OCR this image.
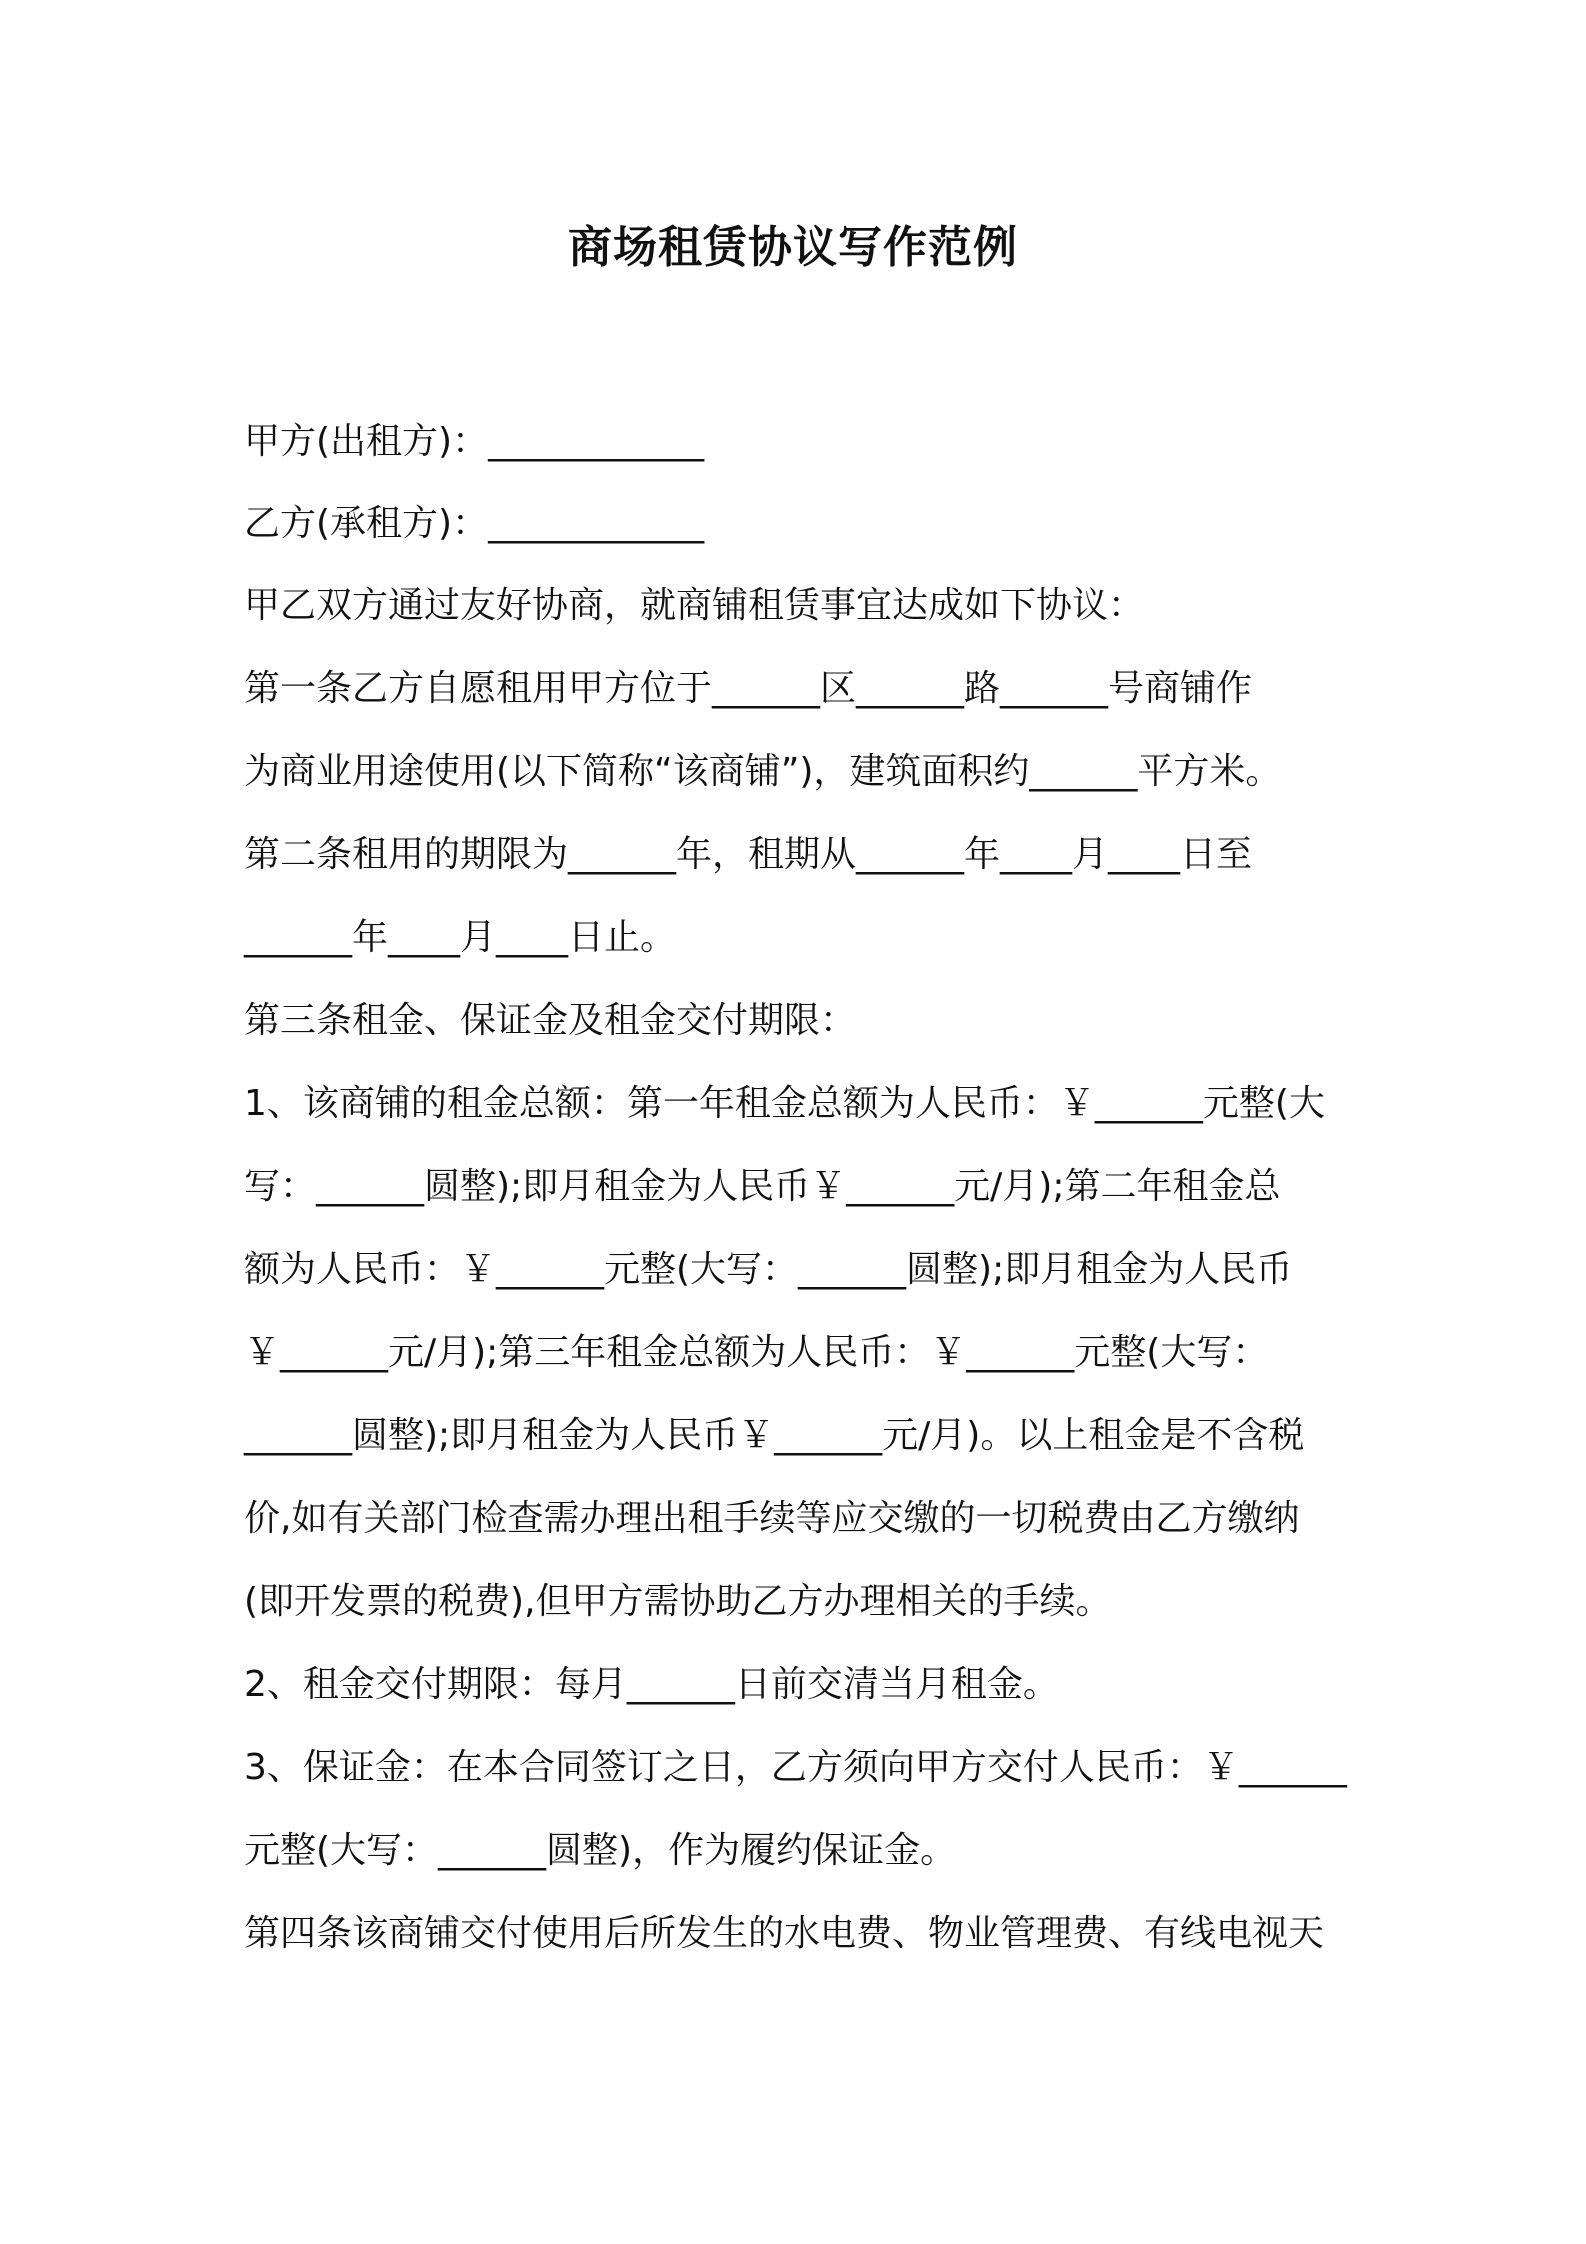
商场租赁协议写作范例

甲方(出租方)：____________

乙方(承租方)：____________

甲乙双方通过友好协商，就商铺租赁事宜达成如下协议：

第一条乙方自愿租用甲方位于______区______路______号商铺作

为商业用途使用(以下简称“该商铺”)，建筑面积约______平方米。

第二条租用的期限为______年，租期从______年____月____日至

______年____月____日止。

第三条租金、保证金及租金交付期限：

1、该商铺的租金总额：第一年租金总额为人民币：￥______元整(大

写：______圆整);即月租金为人民币￥______元/月);第二年租金总

额为人民币：￥______元整(大写：______圆整);即月租金为人民币

￥______元/月);第三年租金总额为人民币：￥______元整(大写：

______圆整);即月租金为人民币￥______元/月)。以上租金是不含税

价,如有关部门检查需办理出租手续等应交缴的一切税费由乙方缴纳

(即开发票的税费),但甲方需协助乙方办理相关的手续。

2、租金交付期限：每月______日前交清当月租金。

3、保证金：在本合同签订之日，乙方须向甲方交付人民币：￥______

元整(大写：______圆整)，作为履约保证金。

第四条该商铺交付使用后所发生的水电费、物业管理费、有线电视天
